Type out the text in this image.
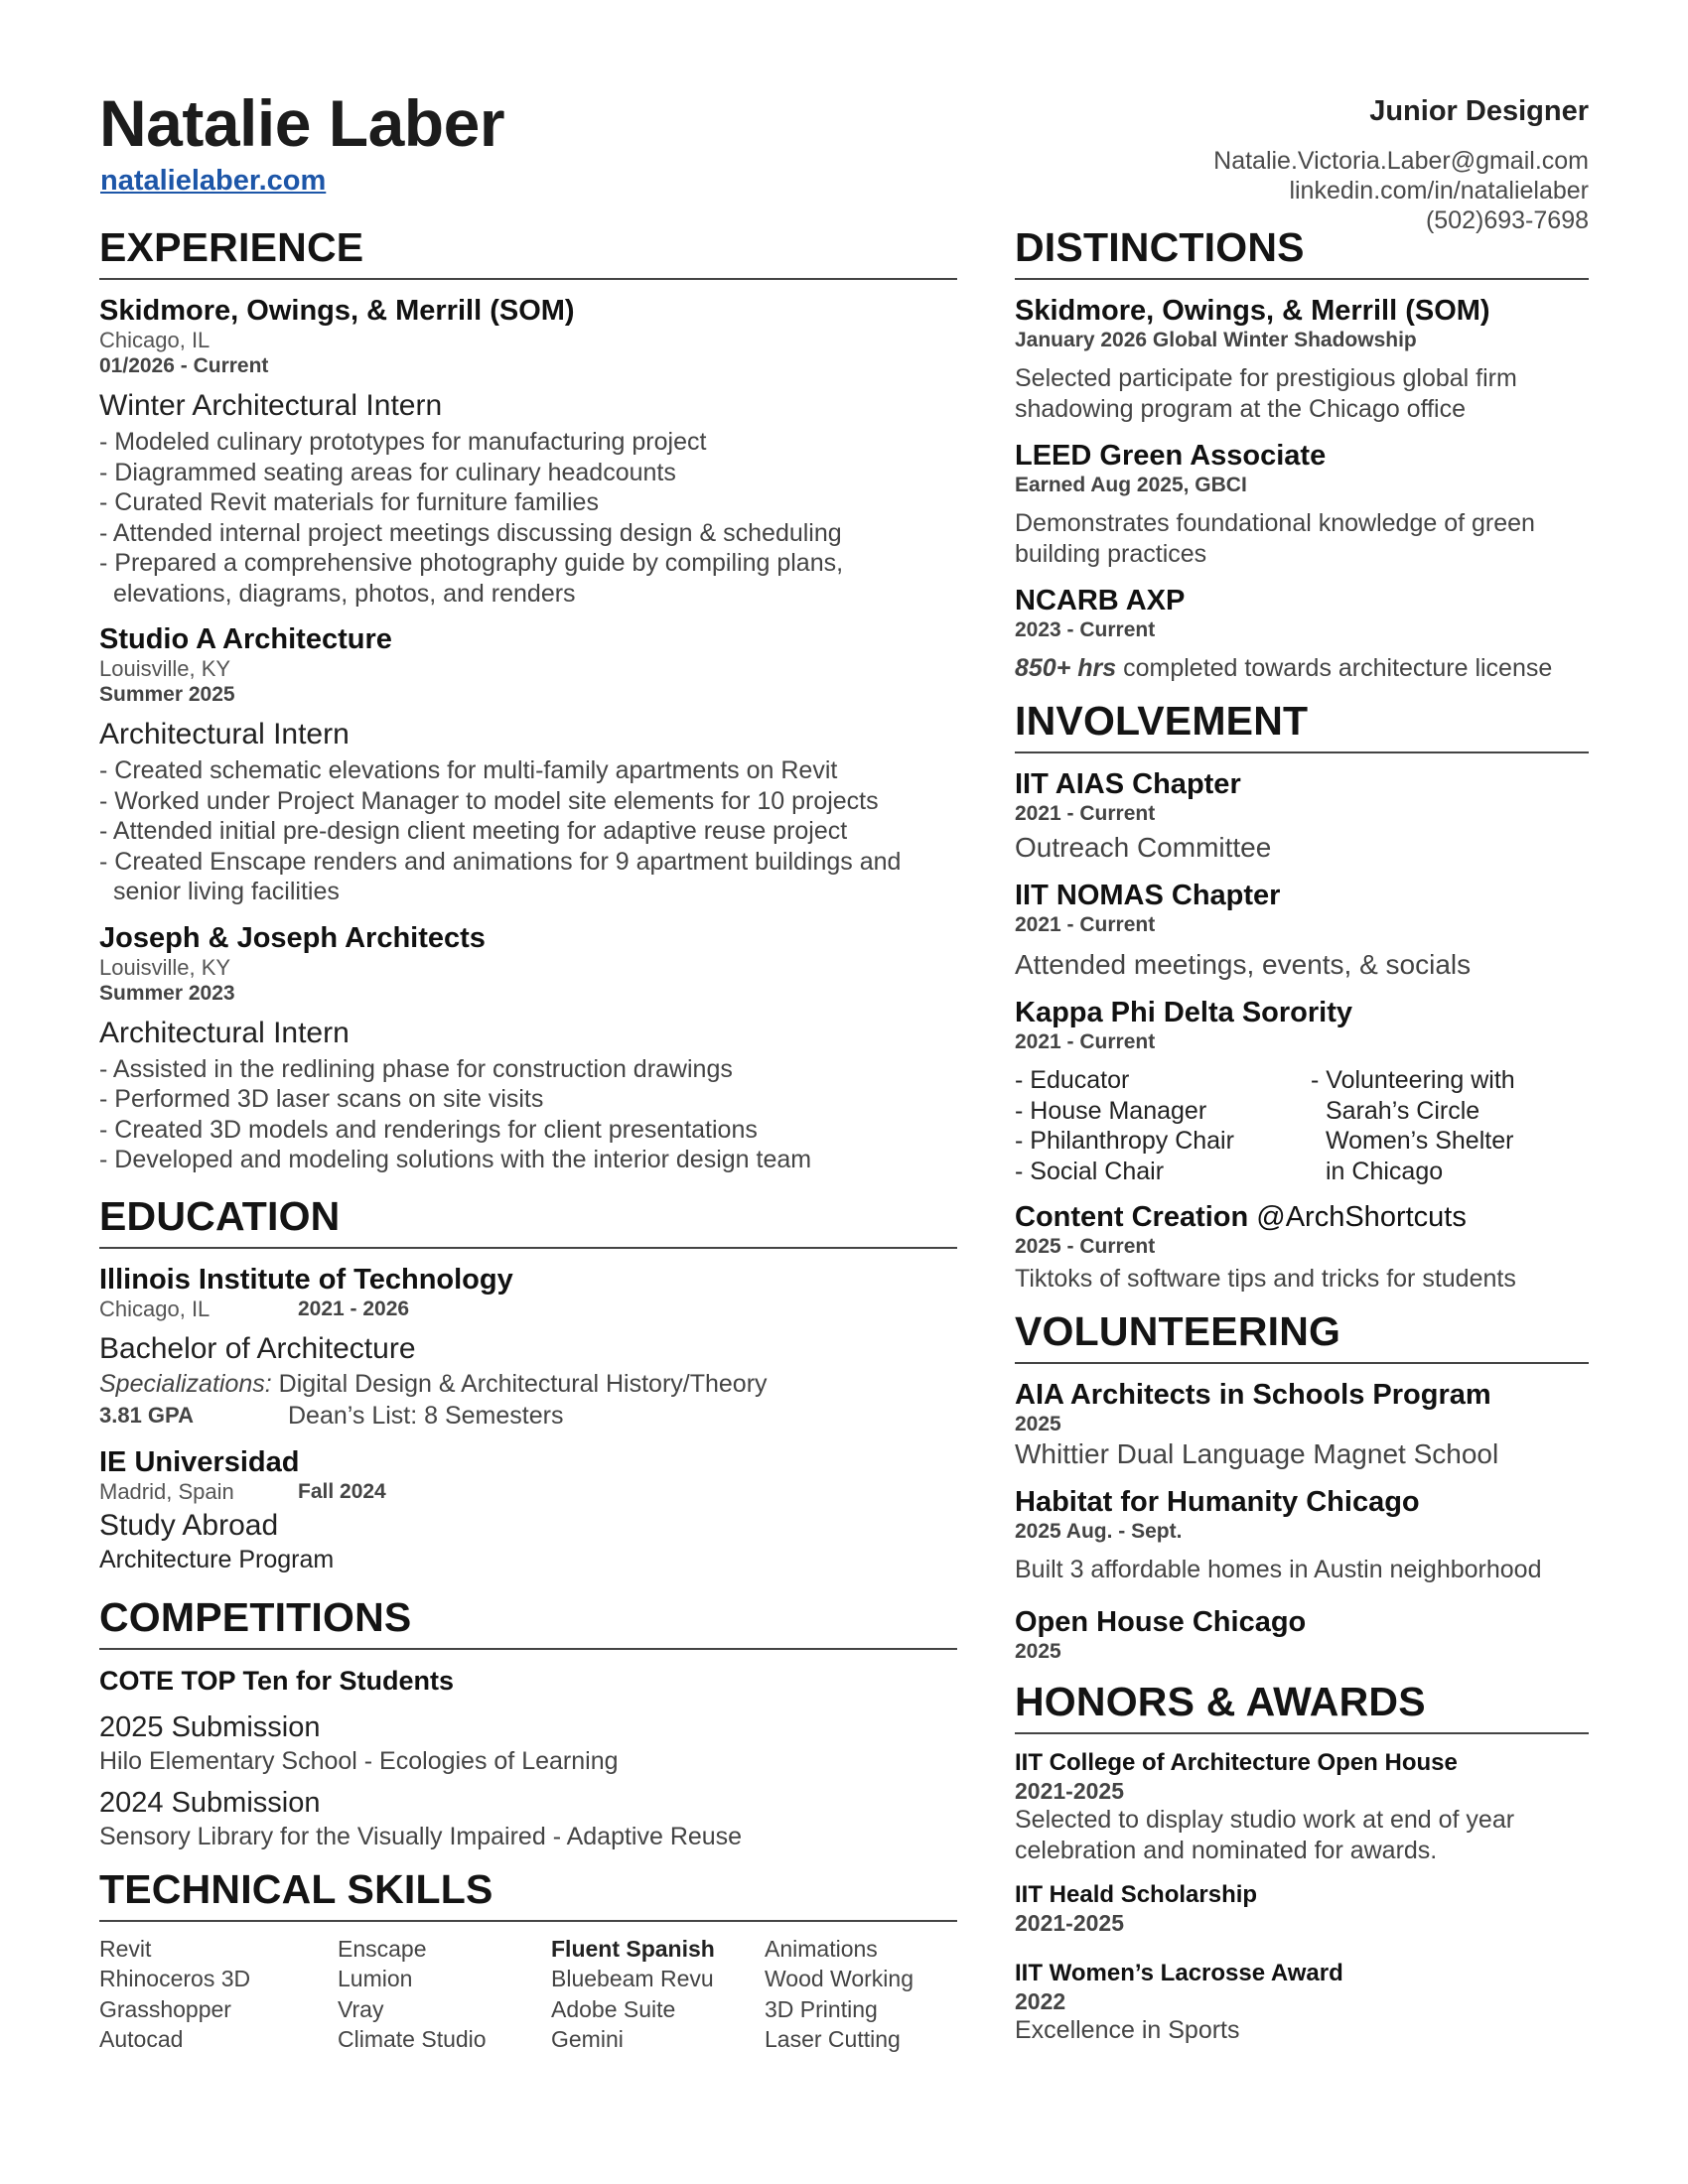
Natalie Laber
natalielaber.com
Junior Designer
Natalie.Victoria.Laber@gmail.com
linkedin.com/in/natalielaber
(502)693-7698
EXPERIENCE
Skidmore, Owings, & Merrill (SOM)
Chicago, IL
01/2026 - Current
Winter Architectural Intern
- Modeled culinary prototypes for manufacturing project
- Diagrammed seating areas for culinary headcounts
- Curated Revit materials for furniture families
- Attended internal project meetings discussing design & scheduling
- Prepared a comprehensive photography guide by compiling plans, elevations, diagrams, photos, and renders
Studio A Architecture
Louisville, KY
Summer 2025
Architectural Intern
- Created schematic elevations for multi-family apartments on Revit
- Worked under Project Manager to model site elements for 10 projects
- Attended initial pre-design client meeting for adaptive reuse project
- Created Enscape renders and animations for 9 apartment buildings and senior living facilities
Joseph & Joseph Architects
Louisville, KY
Summer 2023
Architectural Intern
- Assisted in the redlining phase for construction drawings
- Performed 3D laser scans on site visits
- Created 3D models and renderings for client presentations
- Developed and modeling solutions with the interior design team
EDUCATION
Illinois Institute of Technology
Chicago, IL	2021 - 2026
Bachelor of Architecture
Specializations: Digital Design & Architectural History/Theory
3.81 GPA	Dean’s List: 8 Semesters
IE Universidad
Madrid, Spain	Fall 2024
Study Abroad
Architecture Program
COMPETITIONS
COTE TOP Ten for Students
2025 Submission
Hilo Elementary School - Ecologies of Learning
2024 Submission
Sensory Library for the Visually Impaired - Adaptive Reuse
TECHNICAL SKILLS
Revit	Enscape	Fluent Spanish	Animations
Rhinoceros 3D	Lumion	Bluebeam Revu	Wood Working
Grasshopper	Vray	Adobe Suite	3D Printing
Autocad	Climate Studio	Gemini	Laser Cutting
DISTINCTIONS
Skidmore, Owings, & Merrill (SOM)
January 2026 Global Winter Shadowship
Selected participate for prestigious global firm shadowing program at the Chicago office
LEED Green Associate
Earned Aug 2025, GBCI
Demonstrates foundational knowledge of green building practices
NCARB AXP
2023 - Current
850+ hrs completed towards architecture license
INVOLVEMENT
IIT AIAS Chapter
2021 - Current
Outreach Committee
IIT NOMAS Chapter
2021 - Current
Attended meetings, events, & socials
Kappa Phi Delta Sorority
2021 - Current
- Educator
- House Manager
- Philanthropy Chair
- Social Chair
- Volunteering with Sarah’s Circle Women’s Shelter in Chicago
Content Creation @ArchShortcuts
2025 - Current
Tiktoks of software tips and tricks for students
VOLUNTEERING
AIA Architects in Schools Program
2025
Whittier Dual Language Magnet School
Habitat for Humanity Chicago
2025 Aug. - Sept.
Built 3 affordable homes in Austin neighborhood
Open House Chicago
2025
HONORS & AWARDS
IIT College of Architecture Open House
2021-2025
Selected to display studio work at end of year celebration and nominated for awards.
IIT Heald Scholarship
2021-2025
IIT Women’s Lacrosse Award
2022
Excellence in Sports
